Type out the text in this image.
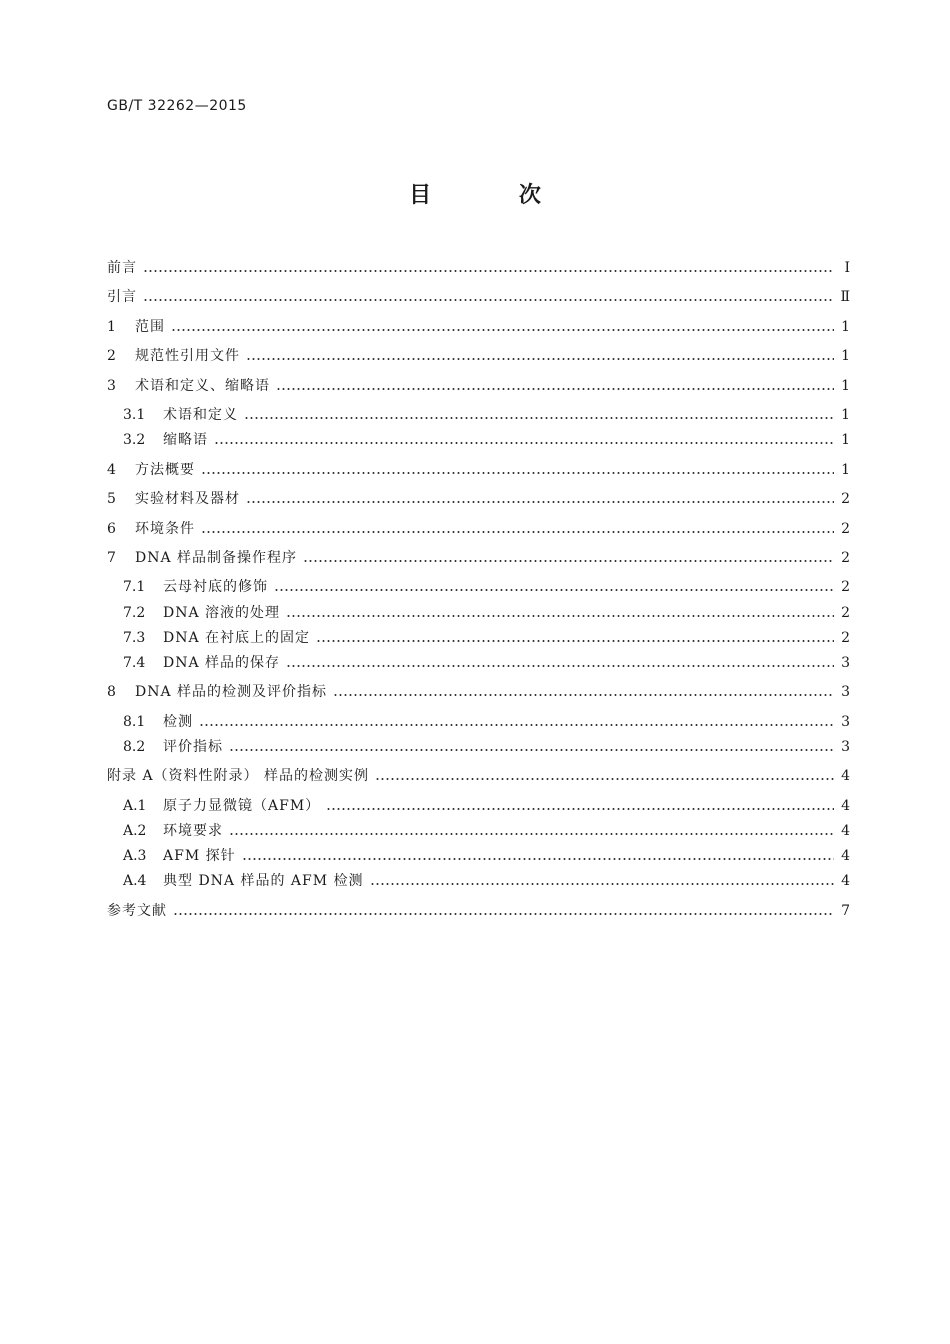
GB/T 32262—2015
目 次
前言	Ⅰ
引言	Ⅱ
1	范围	1
2	规范性引用文件	1
3	术语和定义、缩略语	1
3.1	术语和定义	1
3.2	缩略语	1
4	方法概要	1
5	实验材料及器材	2
6	环境条件	2
7	DNA 样品制备操作程序	2
7.1	云母衬底的修饰	2
7.2	DNA 溶液的处理	2
7.3	DNA 在衬底上的固定	2
7.4	DNA 样品的保存	3
8	DNA 样品的检测及评价指标	3
8.1	检测	3
8.2	评价指标	3
附录 A（资料性附录） 样品的检测实例	4
A.1	原子力显微镜（AFM）	4
A.2	环境要求	4
A.3	AFM 探针	4
A.4	典型 DNA 样品的 AFM 检测	4
参考文献	7
